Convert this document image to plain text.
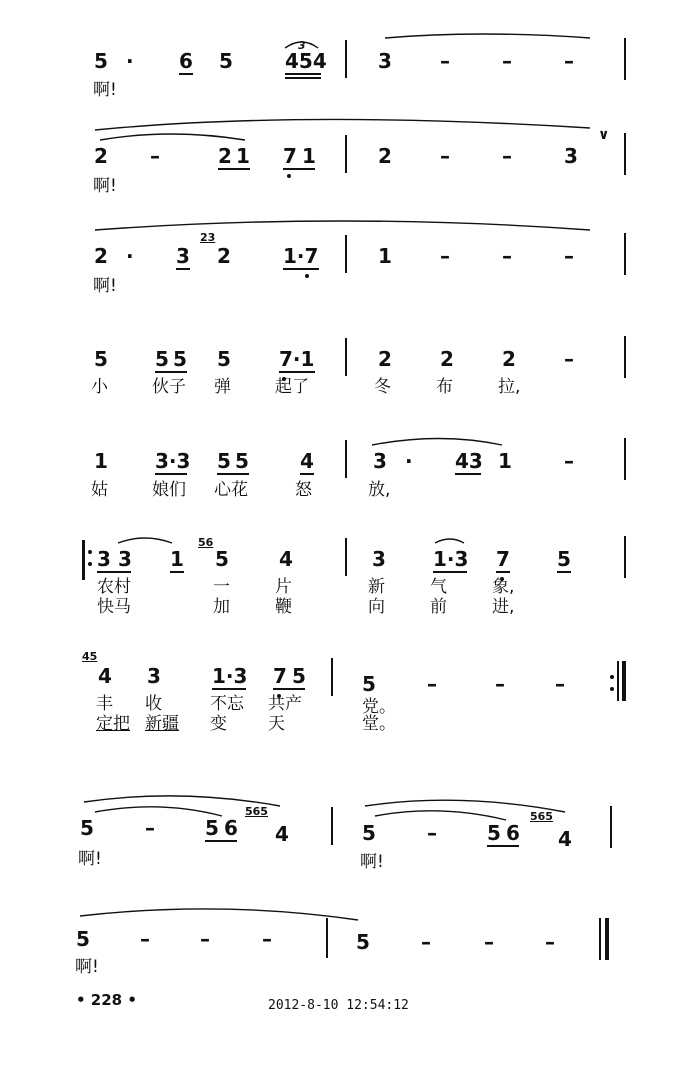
5 · 6 5	454
3
3 –	–	–
啊!
2 –	2 1 7 1	2 –	–	3
∨
啊!
2 · 3
23
2	1·7	1 –	–	–
啊!
5 5 5 5 7·1	2 2 2 –
小	伙子 弹	起了	冬	布	拉,
1 3·3 5 5	4	3 · 43 1	–
姑	娘们 心花	怒	放,
3 3 1
56
5	4	3 1·3 7 5
农村	一	片	新	气	象,
快马	加	鞭	向	前	进,
45
4 3	1·3 7 5	5	–	–	–
丰 收	不忘 共产	党。
定把 新疆 变 天	堂。
5	–	5 6
565
4	5	–	5 6
565
4
啊!	啊!
5	–	–	–	5	–	–	–
啊!
• 228 •	2012-8-10 12:54:12
